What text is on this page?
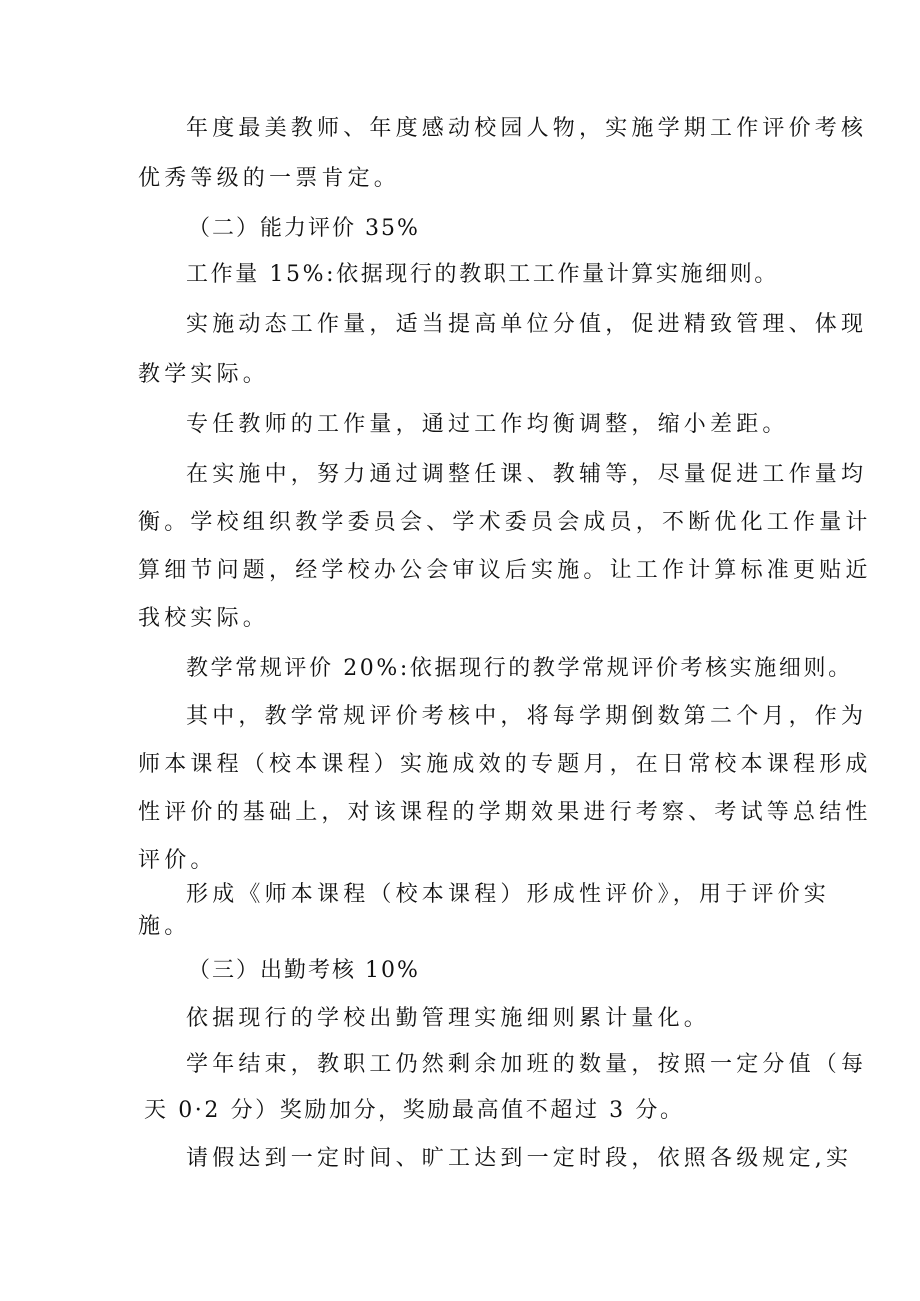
年度最美教师、年度感动校园人物，实施学期工作评价考核

优秀等级的一票肯定。

（二）能力评价 35%

工作量 15%:依据现行的教职工工作量计算实施细则。

实施动态工作量，适当提高单位分值，促进精致管理、体现

教学实际。

专任教师的工作量，通过工作均衡调整，缩小差距。

在实施中，努力通过调整任课、教辅等，尽量促进工作量均

衡。学校组织教学委员会、学术委员会成员，不断优化工作量计

算细节问题，经学校办公会审议后实施。让工作计算标准更贴近

我校实际。

教学常规评价 20%:依据现行的教学常规评价考核实施细则。

其中，教学常规评价考核中，将每学期倒数第二个月，作为

师本课程（校本课程）实施成效的专题月，在日常校本课程形成

性评价的基础上，对该课程的学期效果进行考察、考试等总结性

评价。

形成《师本课程（校本课程）形成性评价》，用于评价实

施。

（三）出勤考核 10%

依据现行的学校出勤管理实施细则累计量化。

学年结束，教职工仍然剩余加班的数量，按照一定分值（每

天 0·2 分）奖励加分，奖励最高值不超过 3 分。

请假达到一定时间、旷工达到一定时段，依照各级规定,实
